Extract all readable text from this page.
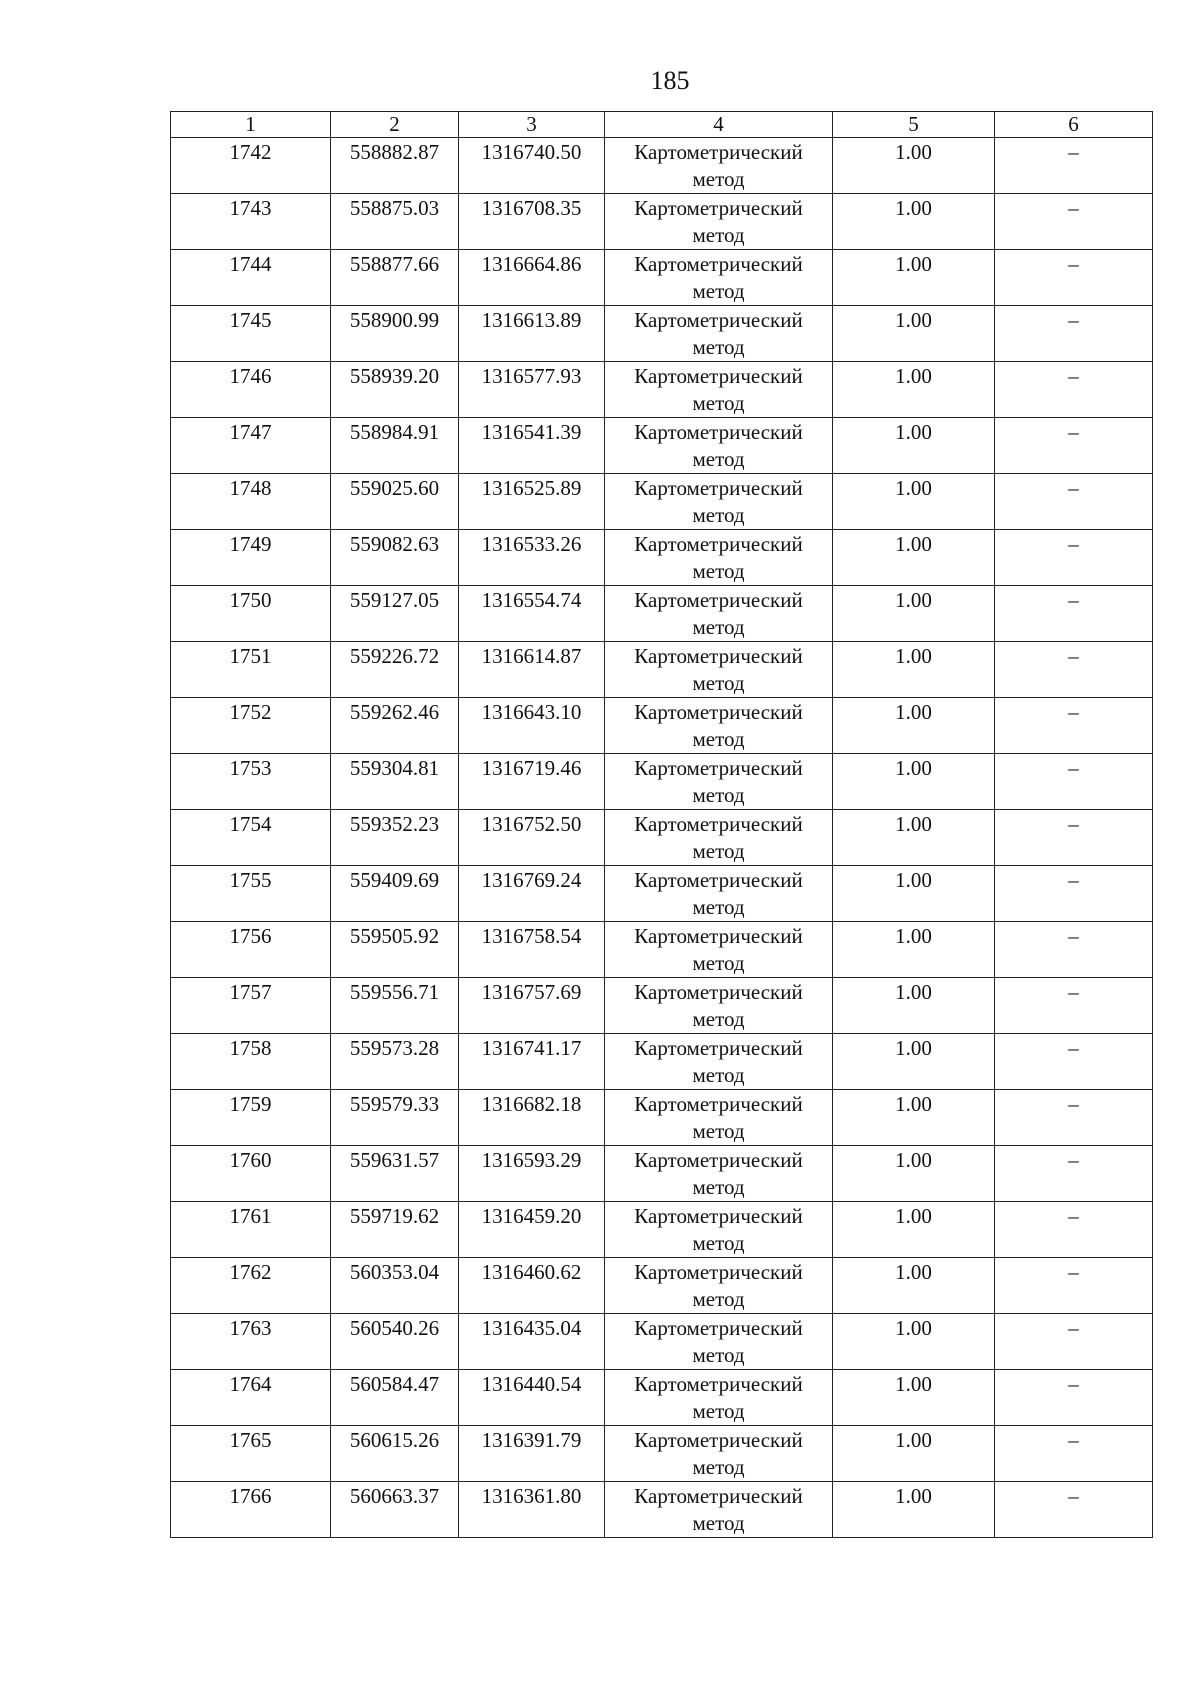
185
1	2	3	4	5	6
1742	558882.87	1316740.50	Картометрический метод	1.00	–
1743	558875.03	1316708.35	Картометрический метод	1.00	–
1744	558877.66	1316664.86	Картометрический метод	1.00	–
1745	558900.99	1316613.89	Картометрический метод	1.00	–
1746	558939.20	1316577.93	Картометрический метод	1.00	–
1747	558984.91	1316541.39	Картометрический метод	1.00	–
1748	559025.60	1316525.89	Картометрический метод	1.00	–
1749	559082.63	1316533.26	Картометрический метод	1.00	–
1750	559127.05	1316554.74	Картометрический метод	1.00	–
1751	559226.72	1316614.87	Картометрический метод	1.00	–
1752	559262.46	1316643.10	Картометрический метод	1.00	–
1753	559304.81	1316719.46	Картометрический метод	1.00	–
1754	559352.23	1316752.50	Картометрический метод	1.00	–
1755	559409.69	1316769.24	Картометрический метод	1.00	–
1756	559505.92	1316758.54	Картометрический метод	1.00	–
1757	559556.71	1316757.69	Картометрический метод	1.00	–
1758	559573.28	1316741.17	Картометрический метод	1.00	–
1759	559579.33	1316682.18	Картометрический метод	1.00	–
1760	559631.57	1316593.29	Картометрический метод	1.00	–
1761	559719.62	1316459.20	Картометрический метод	1.00	–
1762	560353.04	1316460.62	Картометрический метод	1.00	–
1763	560540.26	1316435.04	Картометрический метод	1.00	–
1764	560584.47	1316440.54	Картометрический метод	1.00	–
1765	560615.26	1316391.79	Картометрический метод	1.00	–
1766	560663.37	1316361.80	Картометрический метод	1.00	–
